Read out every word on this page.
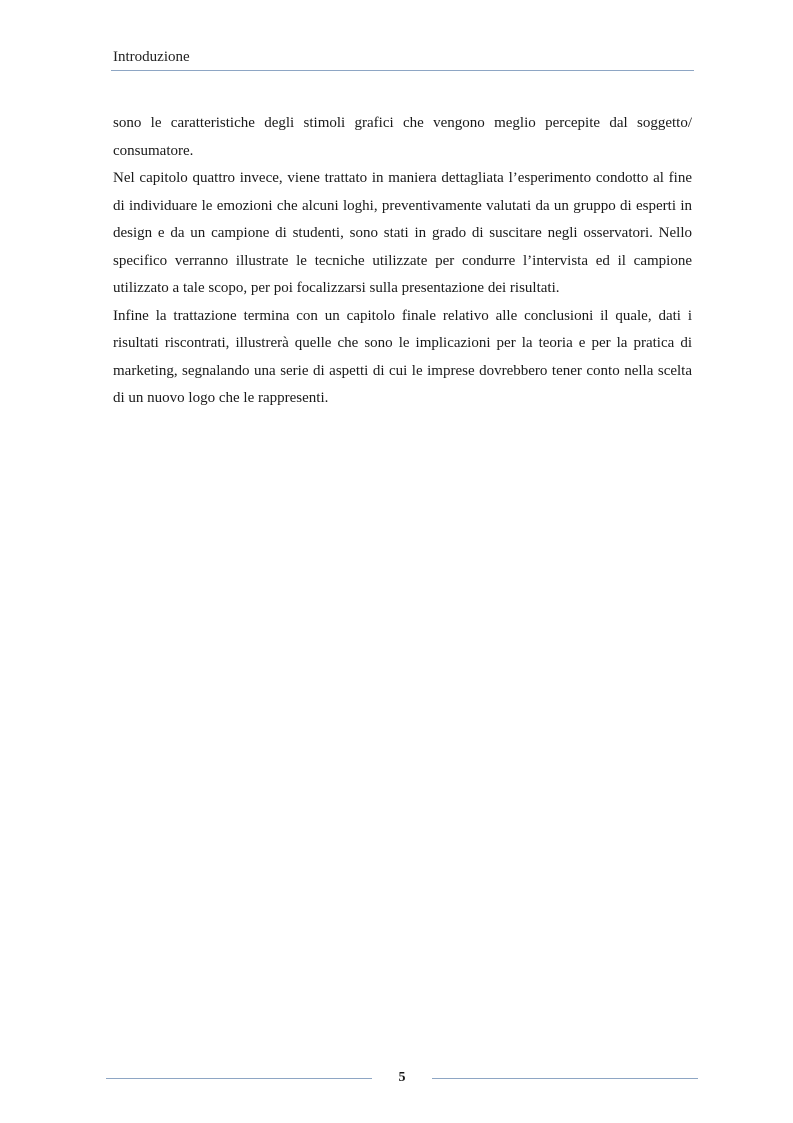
Introduzione

sono le caratteristiche degli stimoli grafici che vengono meglio percepite dal soggetto/ consumatore.

Nel capitolo quattro invece, viene trattato in maniera dettagliata l’esperimento condotto al fine di individuare le emozioni che alcuni loghi, preventivamente valutati da un gruppo di esperti in design e da un campione di studenti, sono stati in grado di suscitare negli osservatori. Nello specifico verranno illustrate le tecniche utilizzate per condurre l’intervista ed il campione utilizzato a tale scopo, per poi focalizzarsi sulla presentazione dei risultati.

Infine la trattazione termina con un capitolo finale relativo alle conclusioni il quale, dati i risultati riscontrati, illustrerà quelle che sono le implicazioni per la teoria e per la pratica di marketing, segnalando una serie di aspetti di cui le imprese dovrebbero tener conto nella scelta di un nuovo logo che le rappresenti.

5
